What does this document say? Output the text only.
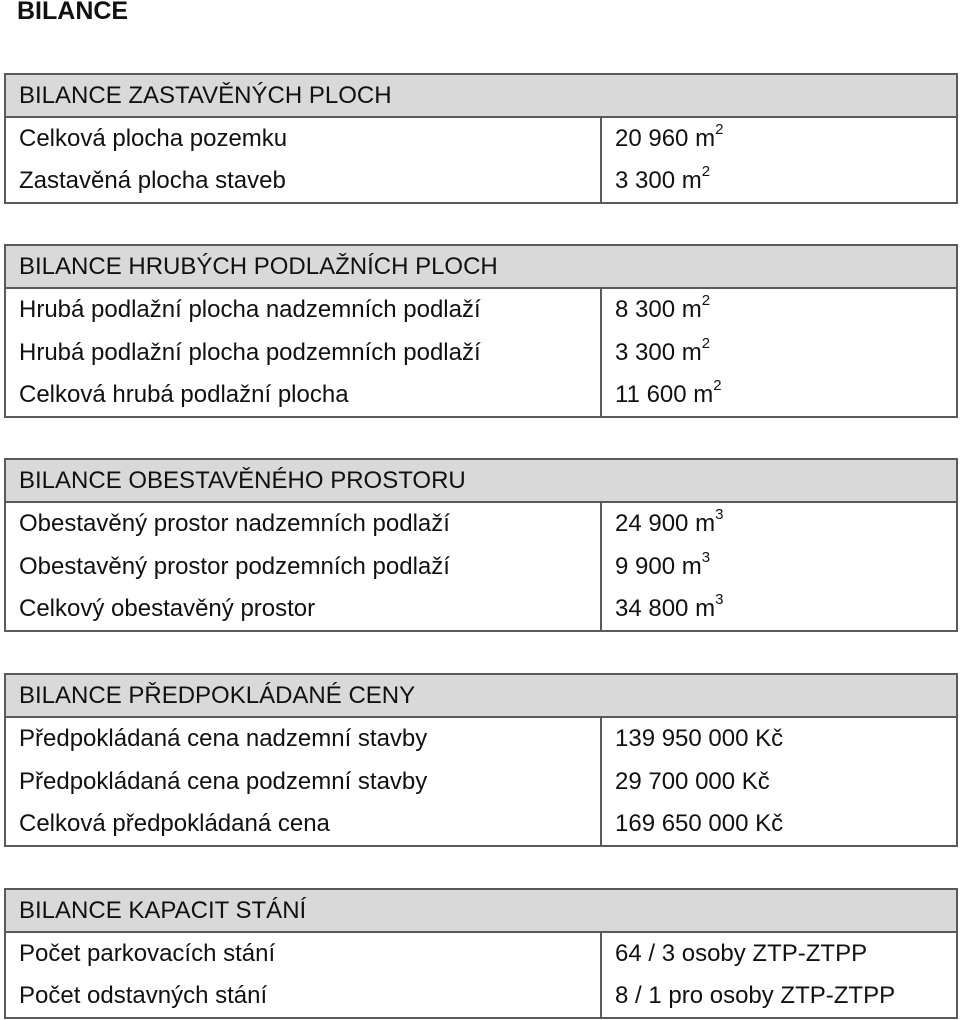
BILANCE
BILANCE ZASTAVĚNÝCH PLOCH	
Celková plocha pozemku	20 960 $m^2$
Zastavěná plocha staveb	3 300 $m^2$
BILANCE HRUBÝCH PODLAŽNÍCH PLOCH	
Hrubá podlažní plocha nadzemních podlaží	8 300 $m^2$
Hrubá podlažní plocha podzemních podlaží	3 300 $m^2$
Celková hrubá podlažní plocha	11 600 $m^2$
BILANCE OBESTAVĚNÉHO PROSTORU	
Obestavěný prostor nadzemních podlaží	24 900 $m^3$
Obestavěný prostor podzemních podlaží	9 900 $m^3$
Celkový obestavěný prostor	34 800 $m^3$
BILANCE PŘEDPOKLÁDANÉ CENY	
Předpokládaná cena nadzemní stavby	139 950 000 Kč
Předpokládaná cena podzemní stavby	29 700 000 Kč
Celková předpokládaná cena	169 650 000 Kč
BILANCE KAPACIT STÁNÍ	
Počet parkovacích stání	64 / 3 osoby ZTP-ZTPP
Počet odstavných stání	8 / 1 pro osoby ZTP-ZTPP
